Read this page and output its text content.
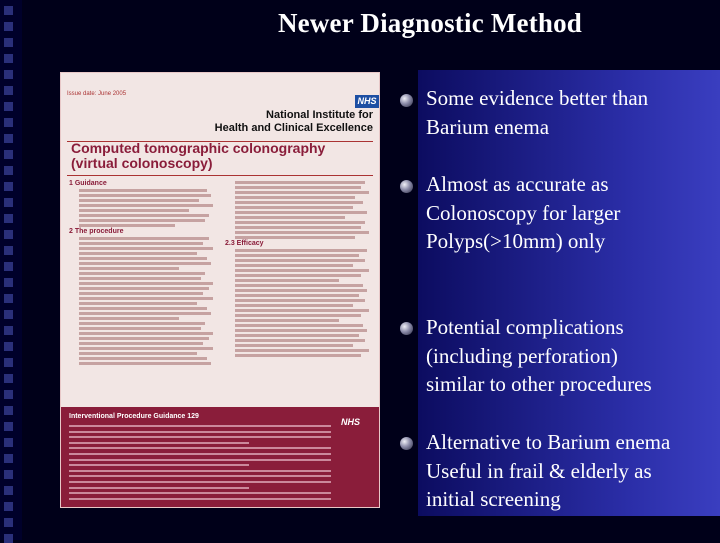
Newer Diagnostic Method
Issue date: June 2005
NHS
National Institute for
Health and Clinical Excellence
Computed tomographic colonography
(virtual colonoscopy)
1 Guidance
2 The procedure
2.3 Efficacy
Interventional Procedure Guidance 129
NHS
Some evidence better than
Barium enema
Almost as accurate as
Colonoscopy for larger
Polyps(>10mm) only
Potential complications
(including perforation)
similar to other procedures
Alternative to Barium enema
Useful in frail & elderly as
initial screening
